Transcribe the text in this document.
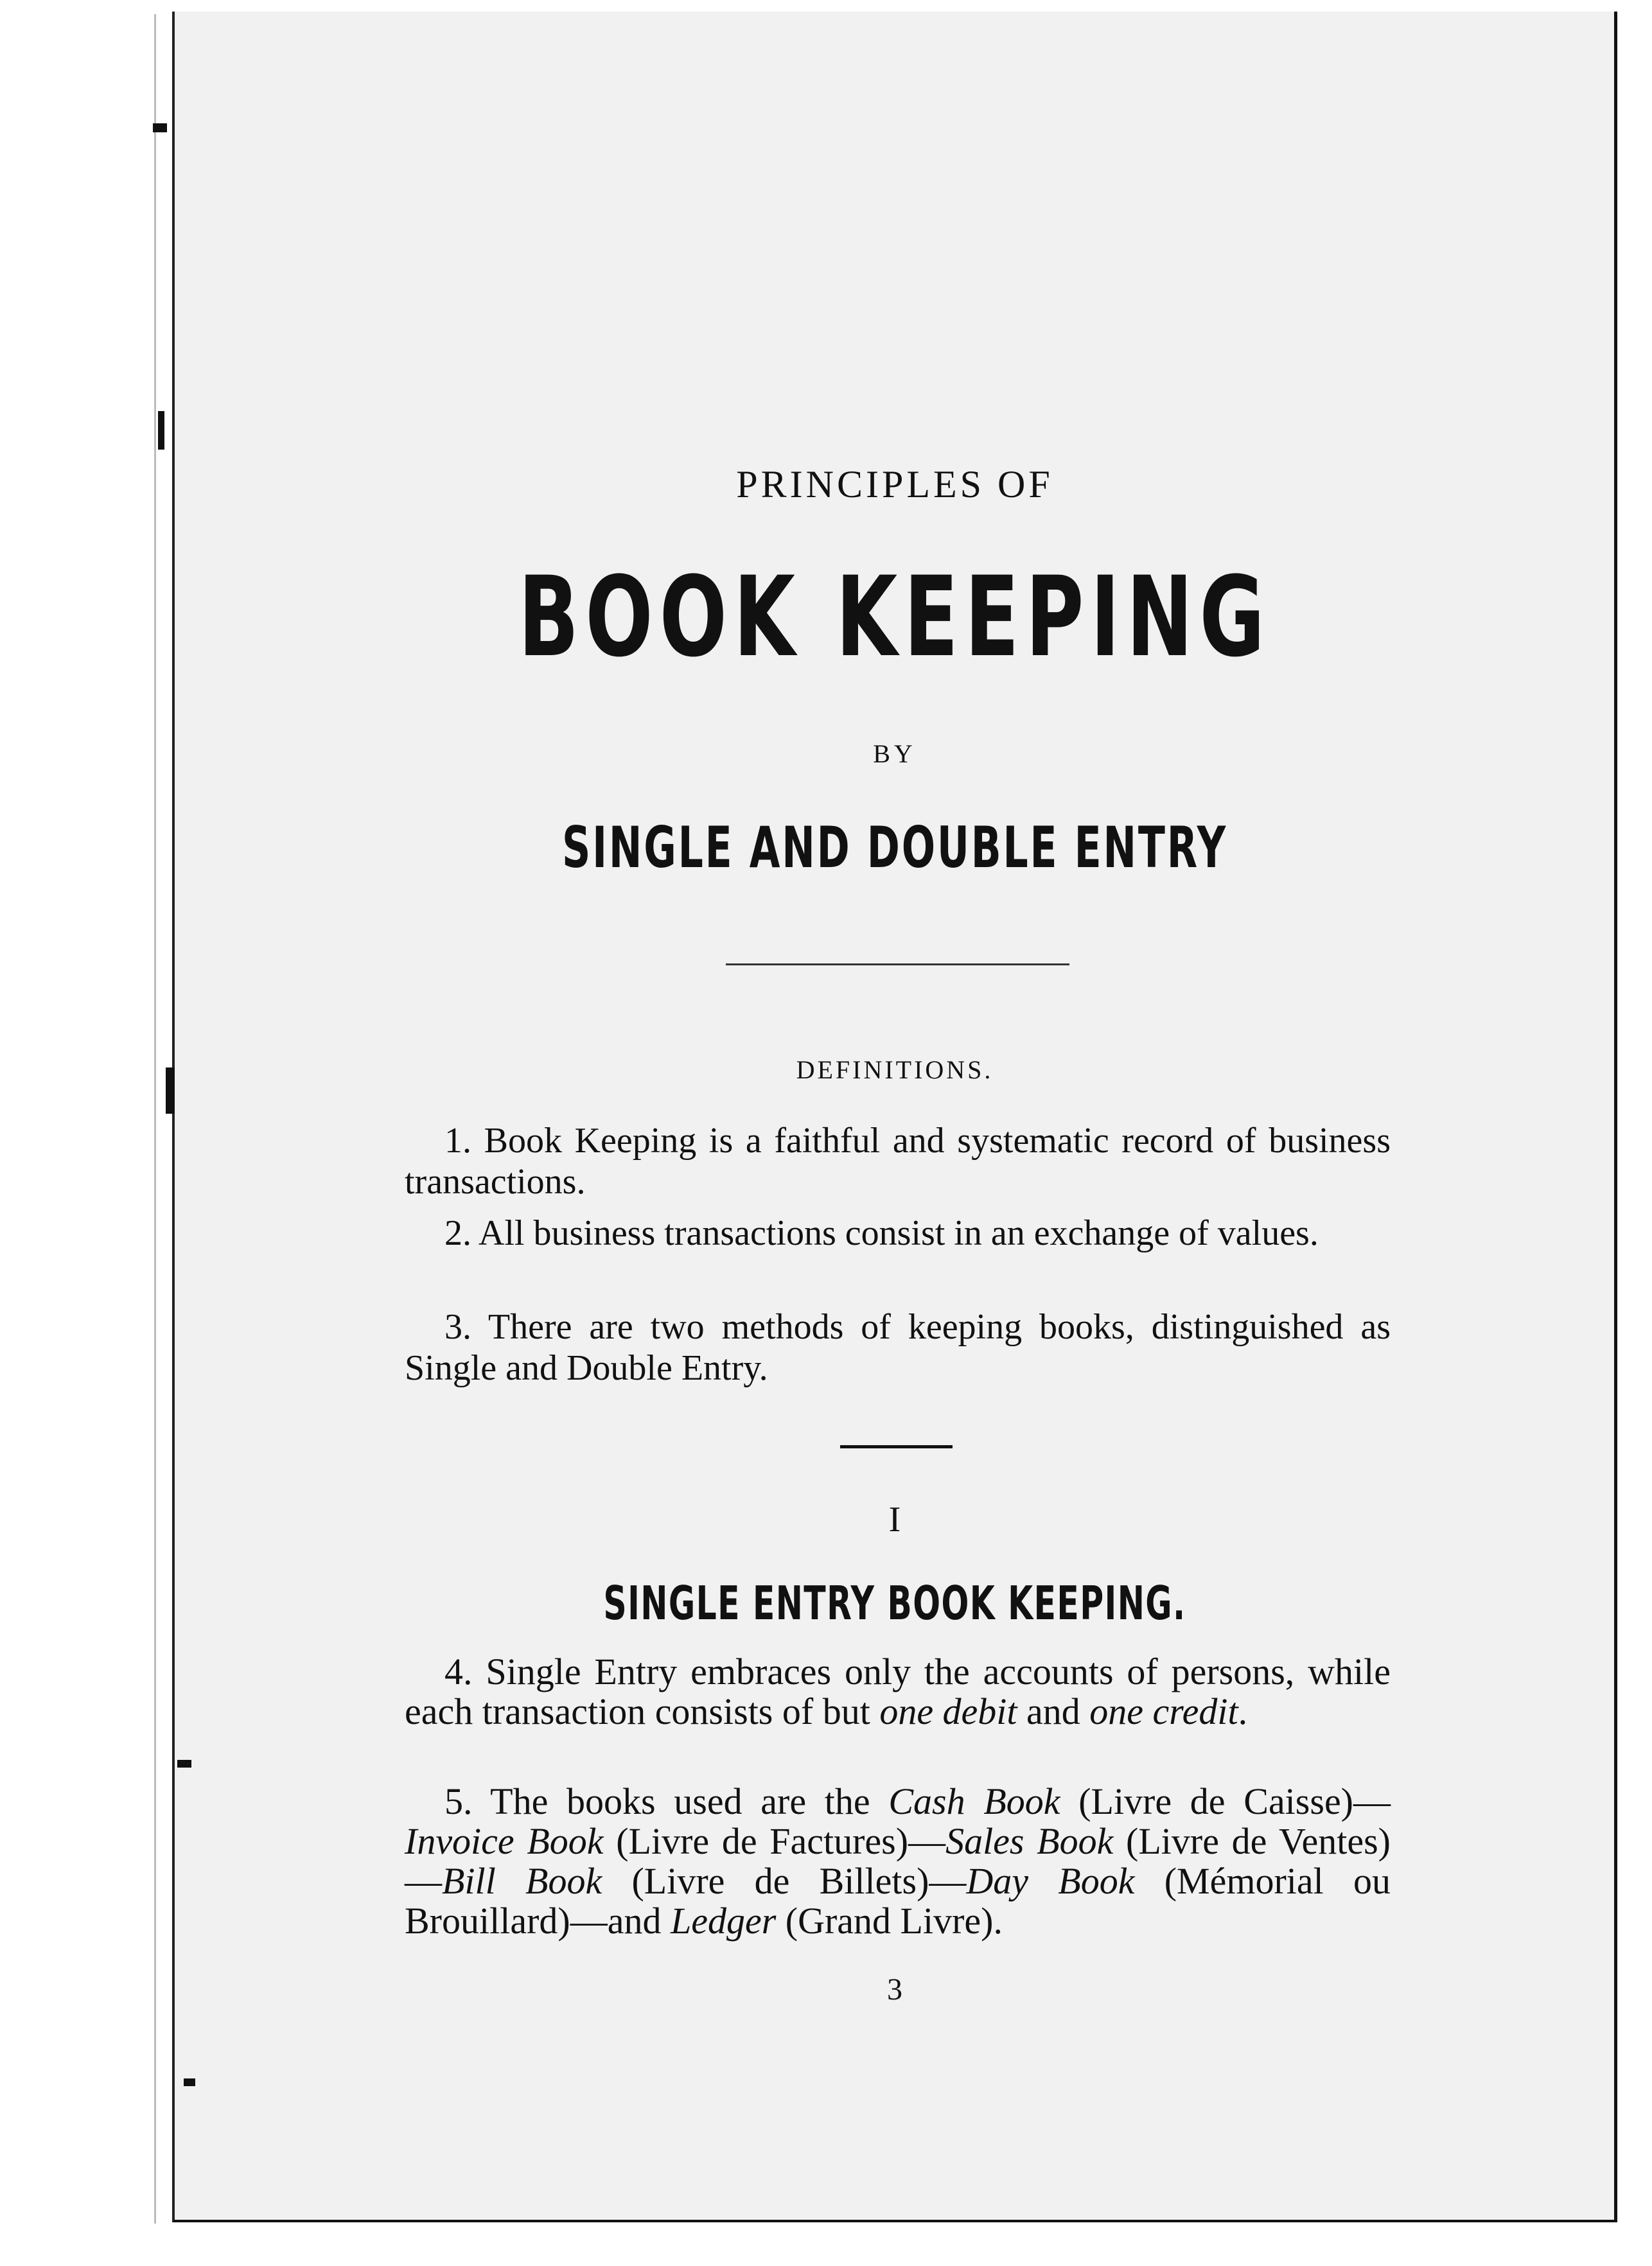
PRINCIPLES OF
BOOK KEEPING
BY
SINGLE AND DOUBLE ENTRY
DEFINITIONS.
1. Book Keeping is a faithful and systematic record of business transactions.
2. All business transactions consist in an exchange of values.
3. There are two methods of keeping books, distinguished as Single and Double Entry.
I
SINGLE ENTRY BOOK KEEPING.
4. Single Entry embraces only the accounts of persons, while each transaction consists of but one debit and one credit.
5. The books used are the Cash Book (Livre de Caisse)—Invoice Book (Livre de Factures)—Sales Book (Livre de Ventes)—Bill Book (Livre de Billets)—Day Book (Mémorial ou Brouillard)—and Ledger (Grand Livre).
3
